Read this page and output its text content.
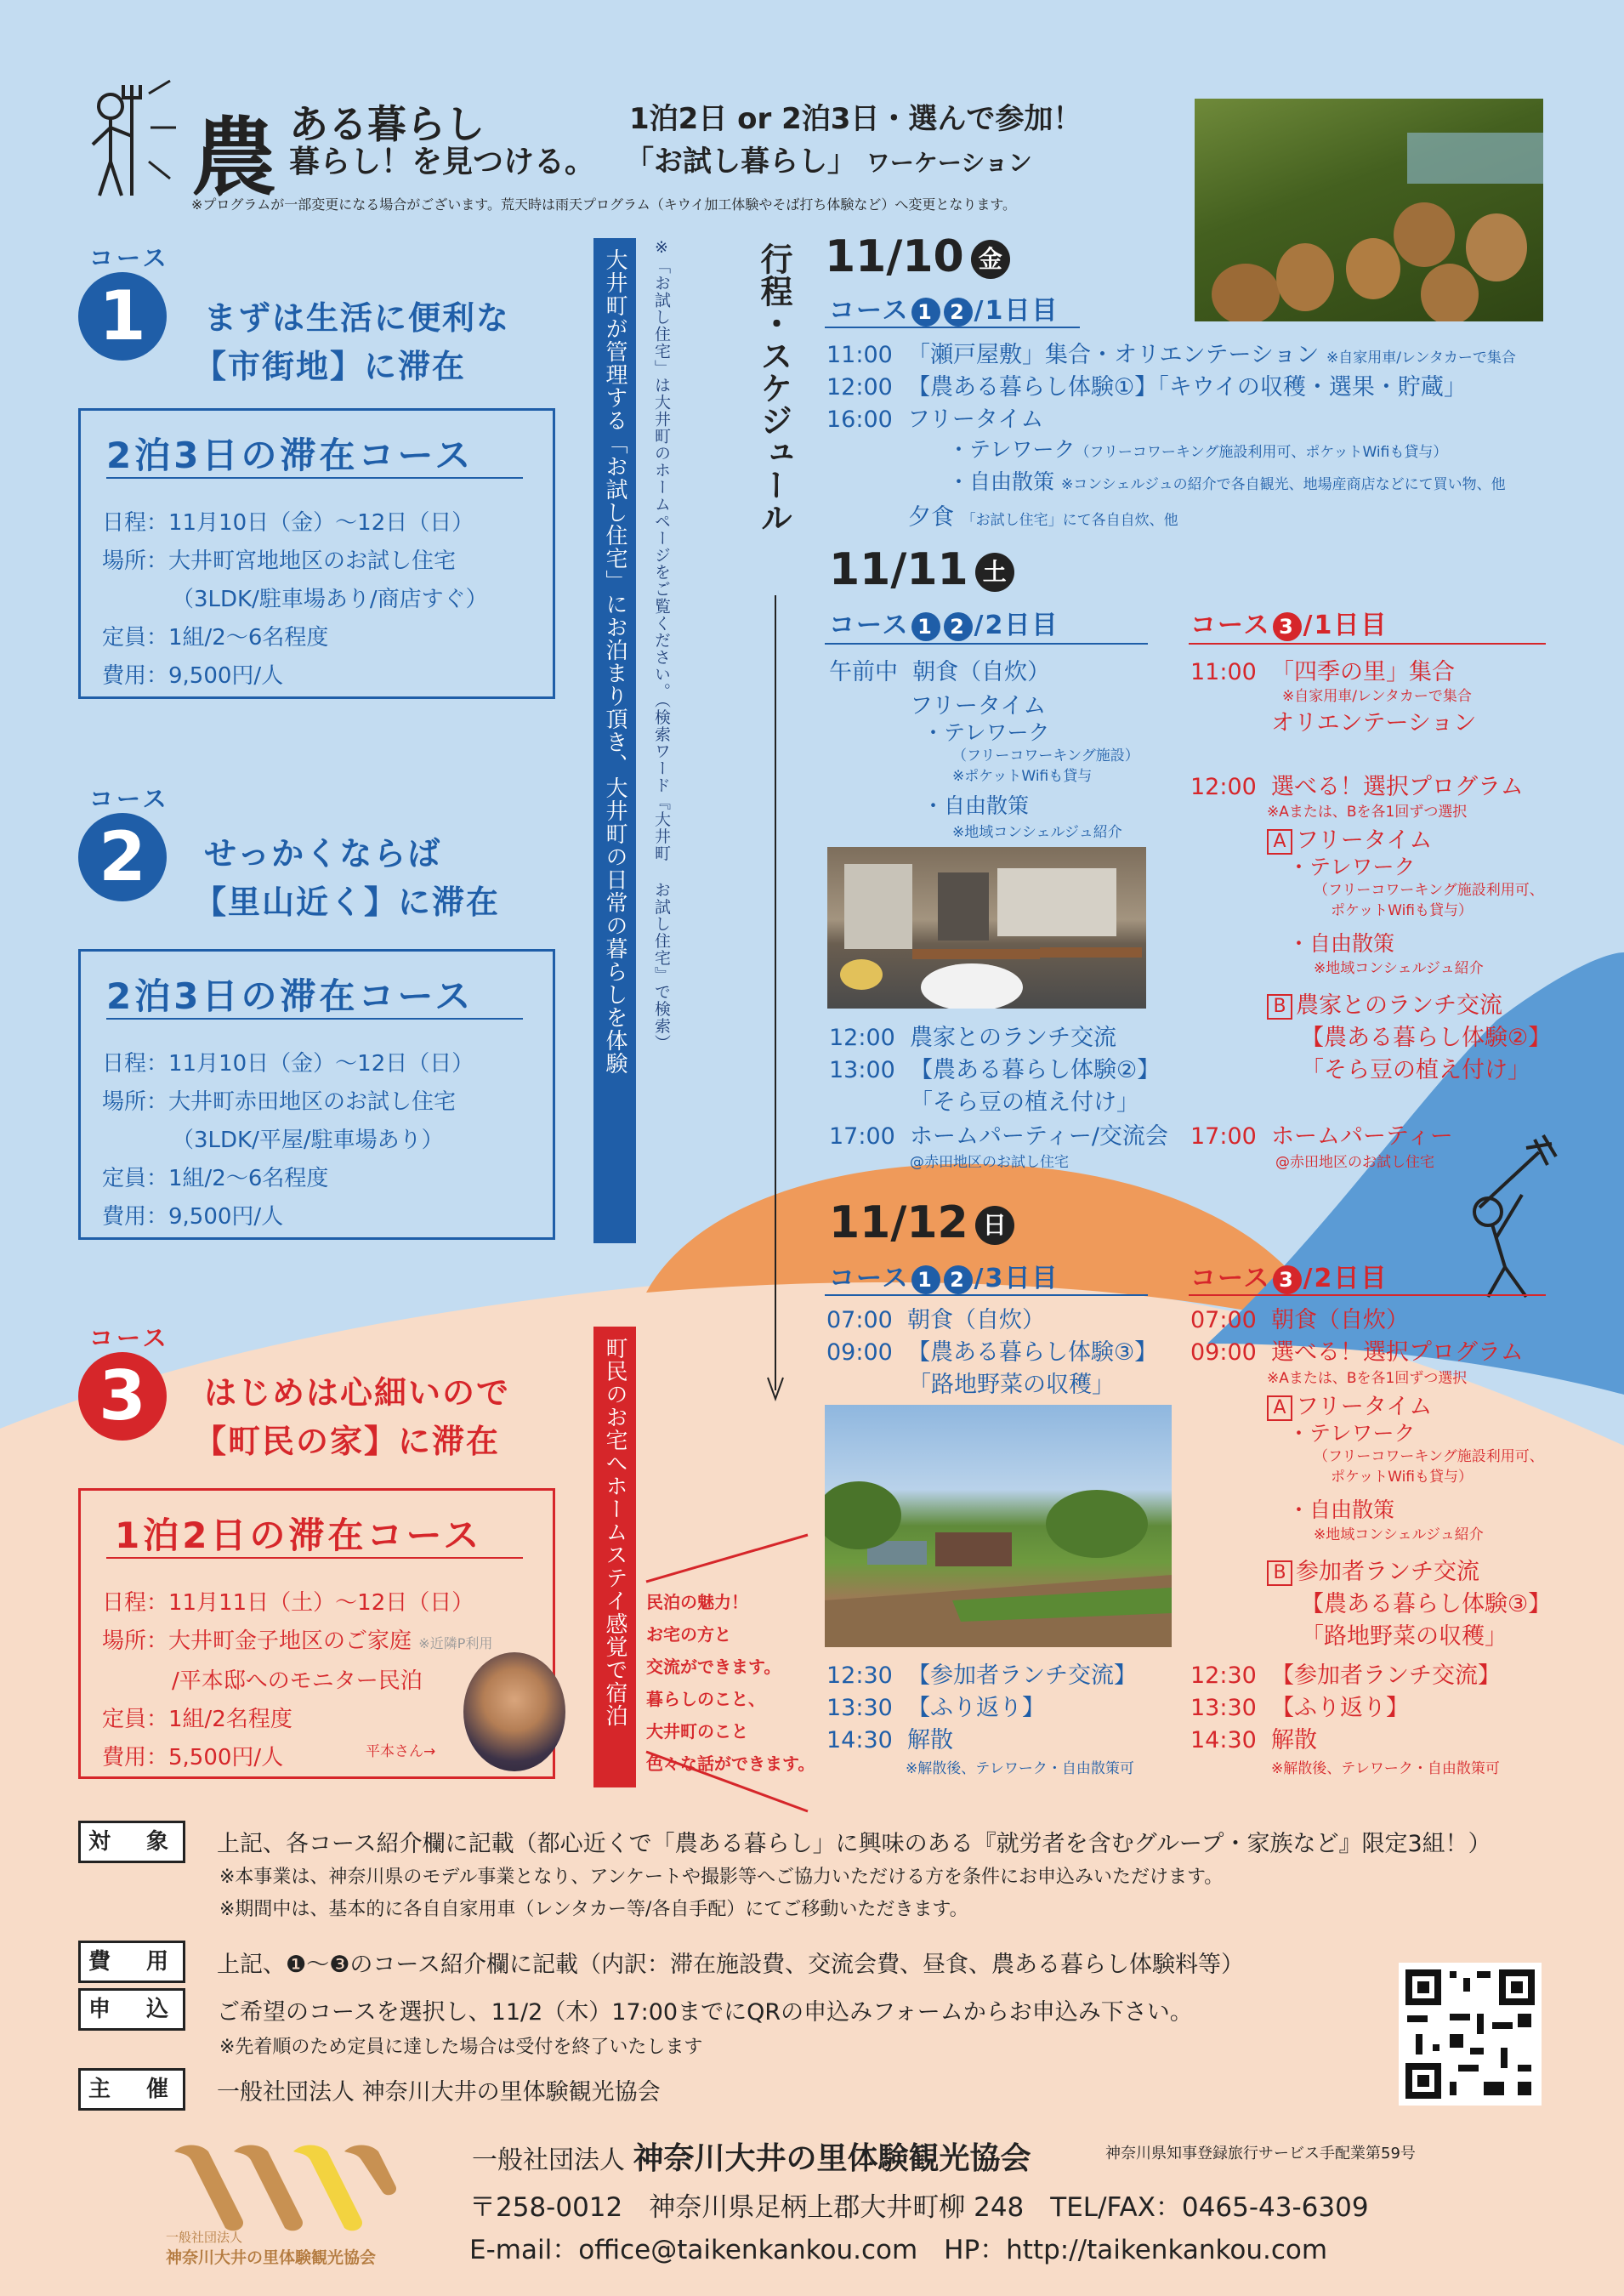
農 ある暮らし
暮らし！を見つける。
1泊2日 or 2泊3日・選んで参加！
「お試し暮らし」 ワーケーション
※プログラムが一部変更になる場合がございます。荒天時は雨天プログラム（キウイ加工体験やそば打ち体験など）へ変更となります。
コース
1	まずは生活に便利な
【市街地】に滞在
2泊3日の滞在コース
日程：11月10日（金）～12日（日）
場所：大井町宮地地区のお試し住宅
（3LDK/駐車場あり/商店すぐ）
定員：1組/2～6名程度
費用：9,500円/人
コース
2	せっかくならば
【里山近く】に滞在
2泊3日の滞在コース
日程：11月10日（金）～12日（日）
場所：大井町赤田地区のお試し住宅
（3LDK/平屋/駐車場あり）
定員：1組/2～6名程度
費用：9,500円/人
コース
3	はじめは心細いので
【町民の家】に滞在
1泊2日の滞在コース
日程：11月11日（土）～12日（日）
場所：大井町金子地区のご家庭 ※近隣P利用
/平本邸へのモニター民泊
定員：1組/2名程度
費用：5,500円/人	平本さん→
大井町が管理する「お試し住宅」にお泊まり頂き、大井町の日常の暮らしを体験	※「お試し住宅」は大井町のホームページをご覧ください。（検索ワード『大井町 お試し住宅』で検索）
町民のお宅へホームステイ感覚で宿泊
行程・スケジュール
民泊の魅力！
お宅の方と
交流ができます。
暮らしのこと、
大井町のこと
色々な話ができます。
11/10 金
コース 1 2 /1日目
11:00 「瀬戸屋敷」集合・オリエンテーション ※自家用車/レンタカーで集合
12:00 【農ある暮らし体験①】「キウイの収穫・選果・貯蔵」
16:00 フリータイム
・テレワーク（フリーコワーキング施設利用可、ポケットWifiも貸与）
・自由散策 ※コンシェルジュの紹介で各自観光、地場産商店などにて買い物、他
夕食 「お試し住宅」にて各自自炊、他
11/11 土
コース 1 2 /2日目
午前中 朝食（自炊）
フリータイム
・テレワーク
（フリーコワーキング施設）
※ポケットWifiも貸与
・自由散策
※地域コンシェルジュ紹介
12:00 農家とのランチ交流
13:00 【農ある暮らし体験②】
「そら豆の植え付け」
17:00 ホームパーティー/交流会
@赤田地区のお試し住宅
コース 3 /1日目
11:00 「四季の里」集合
※自家用車/レンタカーで集合
オリエンテーション
12:00 選べる！選択プログラム
※Aまたは、Bを各1回ずつ選択
A フリータイム
・テレワーク
（フリーコワーキング施設利用可、
ポケットWifiも貸与）
・自由散策
※地域コンシェルジュ紹介
B 農家とのランチ交流
【農ある暮らし体験②】
「そら豆の植え付け」
17:00 ホームパーティー
@赤田地区のお試し住宅
11/12 日
コース 1 2 /3日目
07:00 朝食（自炊）
09:00 【農ある暮らし体験③】
「路地野菜の収穫」
12:30 【参加者ランチ交流】
13:30 【ふり返り】
14:30 解散
※解散後、テレワーク・自由散策可
コース 3 /2日目
07:00 朝食（自炊）
09:00 選べる！選択プログラム
※Aまたは、Bを各1回ずつ選択
A フリータイム
・テレワーク
（フリーコワーキング施設利用可、
ポケットWifiも貸与）
・自由散策
※地域コンシェルジュ紹介
B 参加者ランチ交流
【農ある暮らし体験③】
「路地野菜の収穫」
12:30 【参加者ランチ交流】
13:30 【ふり返り】
14:30 解散
※解散後、テレワーク・自由散策可
対　象	上記、各コース紹介欄に記載（都心近くで「農ある暮らし」に興味のある『就労者を含むグループ・家族など』限定3組！）
※本事業は、神奈川県のモデル事業となり、アンケートや撮影等へご協力いただける方を条件にお申込みいただけます。
※期間中は、基本的に各自自家用車（レンタカー等/各自手配）にてご移動いただきます。
費　用	上記、❶～❸のコース紹介欄に記載（内訳：滞在施設費、交流会費、昼食、農ある暮らし体験料等）
申　込	ご希望のコースを選択し、11/2（木）17:00までにQRの申込みフォームからお申込み下さい。
※先着順のため定員に達した場合は受付を終了いたします
主　催	一般社団法人 神奈川大井の里体験観光協会
一般社団法人
神奈川大井の里体験観光協会
一般社団法人 神奈川大井の里体験観光協会	神奈川県知事登録旅行サービス手配業第59号
〒258-0012　神奈川県足柄上郡大井町柳 248　TEL/FAX：0465-43-6309
E-mail：office@taikenkankou.com　HP：http://taikenkankou.com
